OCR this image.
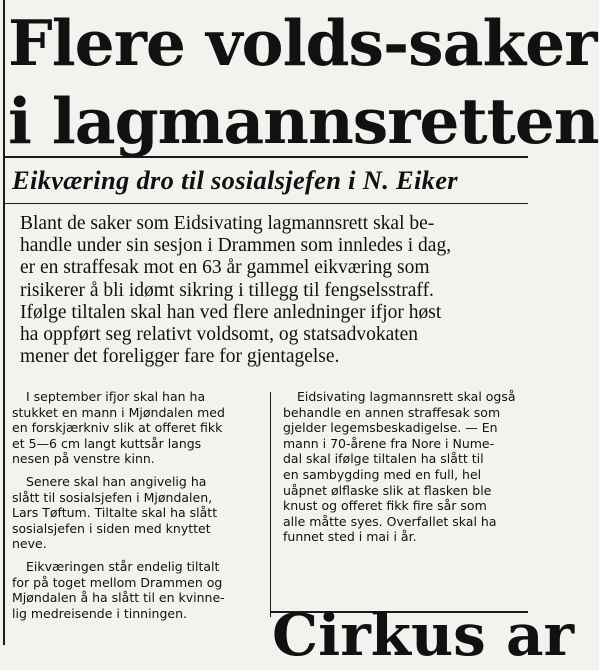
Flere volds-saker
i lagmannsretten
Eikværing dro til sosialsjefen i N. Eiker

Blant de saker som Eidsivating lagmannsrett skal be-
handle under sin sesjon i Drammen som innledes i dag,
er en straffesak mot en 63 år gammel eikværing som
risikerer å bli idømt sikring i tillegg til fengselsstraff.
Ifølge tiltalen skal han ved flere anledninger ifjor høst
ha oppført seg relativt voldsomt, og statsadvokaten
mener det foreligger fare for gjentagelse.

I september ifjor skal han ha
stukket en mann i Mjøndalen med
en forskjærkniv slik at offeret fikk
et 5—6 cm langt kuttsår langs
nesen på venstre kinn.
Senere skal han angivelig ha
slått til sosialsjefen i Mjøndalen,
Lars Tøftum. Tiltalte skal ha slått
sosialsjefen i siden med knyttet
neve.
Eikværingen står endelig tiltalt
for på toget mellom Drammen og
Mjøndalen å ha slått til en kvinne-
lig medreisende i tinningen.
Eidsivating lagmannsrett skal også
behandle en annen straffesak som
gjelder legemsbeskadigelse. — En
mann i 70-årene fra Nore i Nume-
dal skal ifølge tiltalen ha slått til
en sambygding med en full, hel
uåpnet ølflaske slik at flasken ble
knust og offeret fikk fire sår som
alle måtte syes. Overfallet skal ha
funnet sted i mai i år.
Cirkus ar
